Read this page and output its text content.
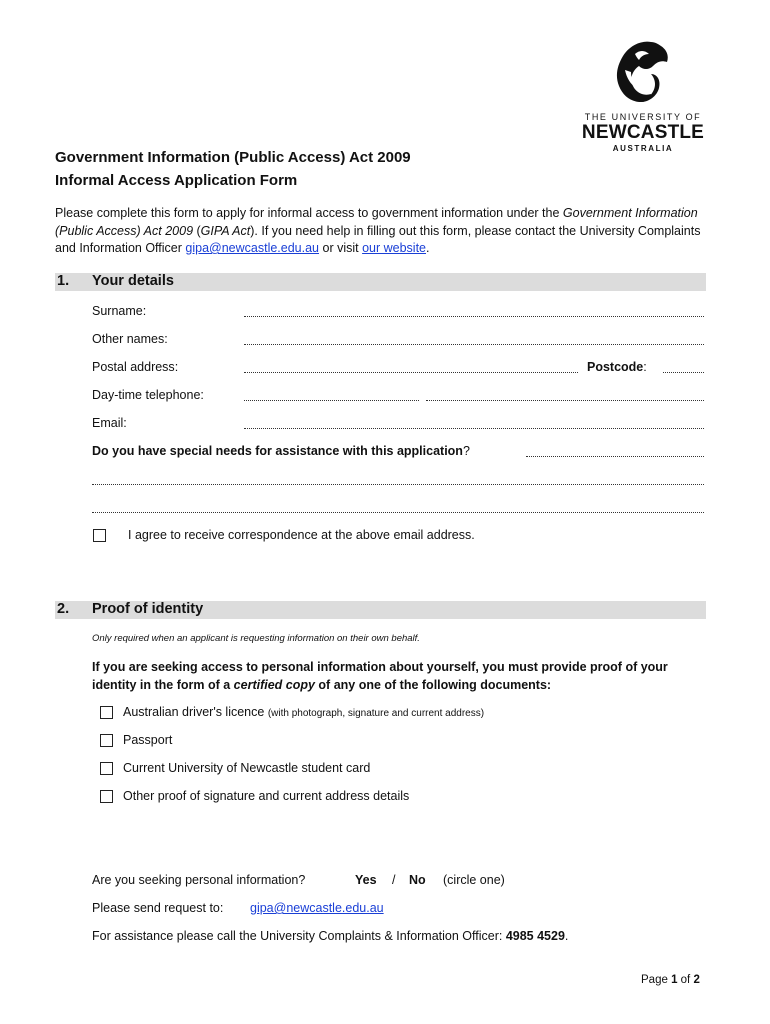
THE UNIVERSITY OF
NEWCASTLE
AUSTRALIA
Government Information (Public Access) Act 2009
Informal Access Application Form
Please complete this form to apply for informal access to government information under the Government Information (Public Access) Act 2009 (GIPA Act). If you need help in filling out this form, please contact the University Complaints and Information Officer gipa@newcastle.edu.au or visit our website.
1. Your details
Surname:
Other names:
Postal address:	Postcode:
Day-time telephone:
Email:
Do you have special needs for assistance with this application?
I agree to receive correspondence at the above email address.
2. Proof of identity
Only required when an applicant is requesting information on their own behalf.
If you are seeking access to personal information about yourself, you must provide proof of your identity in the form of a certified copy of any one of the following documents:
Australian driver's licence (with photograph, signature and current address)
Passport
Current University of Newcastle student card
Other proof of signature and current address details
Are you seeking personal information?	Yes / No (circle one)
Please send request to: gipa@newcastle.edu.au
For assistance please call the University Complaints & Information Officer: 4985 4529.
Page 1 of 2
